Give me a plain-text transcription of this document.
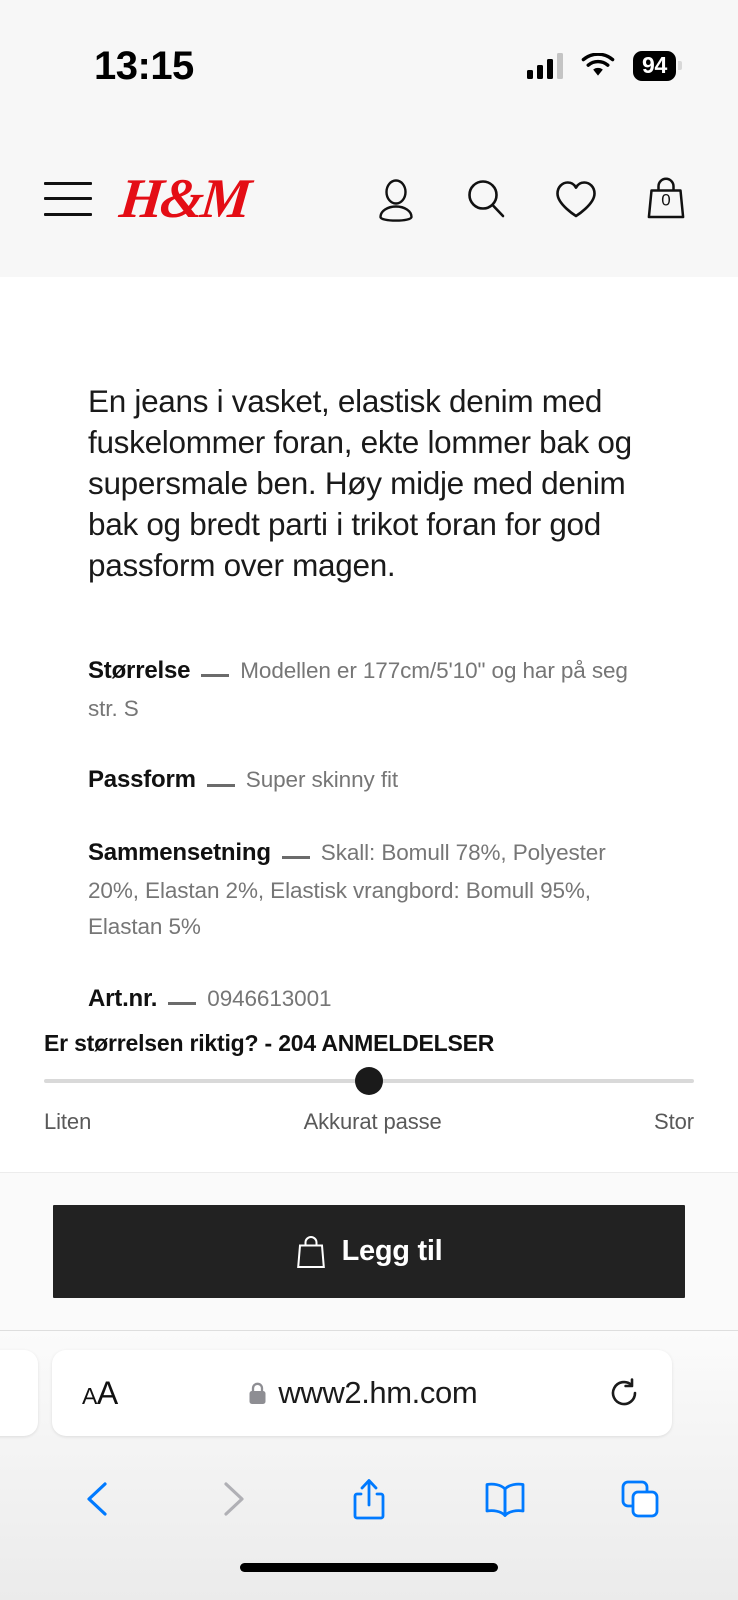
13:15	94
H&M	0

En jeans i vasket, elastisk denim med fuskelommer foran, ekte lommer bak og supersmale ben. Høy midje med denim bak og bredt parti i trikot foran for god passform over magen.

Størrelse Modellen er 177cm/5'10" og har på seg str. S
Passform Super skinny fit
Sammensetning Skall: Bomull 78%, Polyester 20%, Elastan 2%, Elastisk vrangbord: Bomull 95%, Elastan 5%
Art.nr. 0946613001
Er størrelsen riktig? - 204 ANMELDELSER
Liten	Akkurat passe	Stor
Legg til
AA	www2.hm.com
